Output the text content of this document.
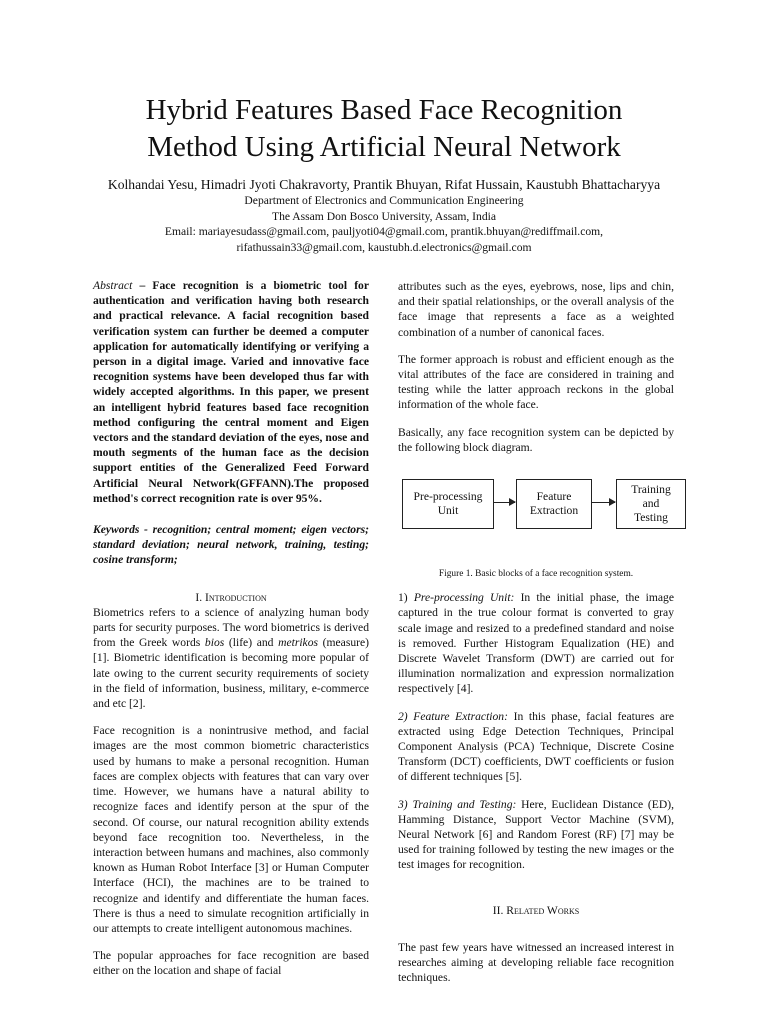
Hybrid Features Based Face Recognition
Method Using Artificial Neural Network
Kolhandai Yesu, Himadri Jyoti Chakravorty, Prantik Bhuyan, Rifat Hussain, Kaustubh Bhattacharyya
Department of Electronics and Communication Engineering
The Assam Don Bosco University, Assam, India
Email: mariayesudass@gmail.com, pauljyoti04@gmail.com, prantik.bhuyan@rediffmail.com,
rifathussain33@gmail.com, kaustubh.d.electronics@gmail.com

Abstract – Face recognition is a biometric tool for authentication and verification having both research and practical relevance. A facial recognition based verification system can further be deemed a computer application for automatically identifying or verifying a person in a digital image. Varied and innovative face recognition systems have been developed thus far with widely accepted algorithms. In this paper, we present an intelligent hybrid features based face recognition method configuring the central moment and Eigen vectors and the standard deviation of the eyes, nose and mouth segments of the human face as the decision support entities of the Generalized Feed Forward Artificial Neural Network(GFFANN).The proposed method's correct recognition rate is over 95%.

Keywords - recognition; central moment; eigen vectors; standard deviation; neural network, training, testing; cosine transform;

I. Introduction

Biometrics refers to a science of analyzing human body parts for security purposes. The word biometrics is derived from the Greek words bios (life) and metrikos (measure) [1]. Biometric identification is becoming more popular of late owing to the current security requirements of society in the field of information, business, military, e-commerce and etc [2].

Face recognition is a nonintrusive method, and facial images are the most common biometric characteristics used by humans to make a personal recognition. Human faces are complex objects with features that can vary over time. However, we humans have a natural ability to recognize faces and identify person at the spur of the second. Of course, our natural recognition ability extends beyond face recognition too. Nevertheless, in the interaction between humans and machines, also commonly known as Human Robot Interface [3] or Human Computer Interface (HCI), the machines are to be trained to recognize and identify and differentiate the human faces. There is thus a need to simulate recognition artificially in our attempts to create intelligent autonomous machines.

The popular approaches for face recognition are based either on the location and shape of facial

attributes such as the eyes, eyebrows, nose, lips and chin, and their spatial relationships, or the overall analysis of the face image that represents a face as a weighted combination of a number of canonical faces.

The former approach is robust and efficient enough as the vital attributes of the face are considered in training and testing while the latter approach reckons in the global information of the whole face.

Basically, any face recognition system can be depicted by the following block diagram.

Pre-processing
Unit
Feature
Extraction
Training
and
Testing
Figure 1. Basic blocks of a face recognition system.

1) Pre-processing Unit: In the initial phase, the image captured in the true colour format is converted to gray scale image and resized to a predefined standard and noise is removed. Further Histogram Equalization (HE) and Discrete Wavelet Transform (DWT) are carried out for illumination normalization and expression normalization respectively [4].

2) Feature Extraction: In this phase, facial features are extracted using Edge Detection Techniques, Principal Component Analysis (PCA) Technique, Discrete Cosine Transform (DCT) coefficients, DWT coefficients or fusion of different techniques [5].

3) Training and Testing: Here, Euclidean Distance (ED), Hamming Distance, Support Vector Machine (SVM), Neural Network [6] and Random Forest (RF) [7] may be used for training followed by testing the new images or the test images for recognition.

II. Related Works

The past few years have witnessed an increased interest in researches aiming at developing reliable face recognition techniques.
